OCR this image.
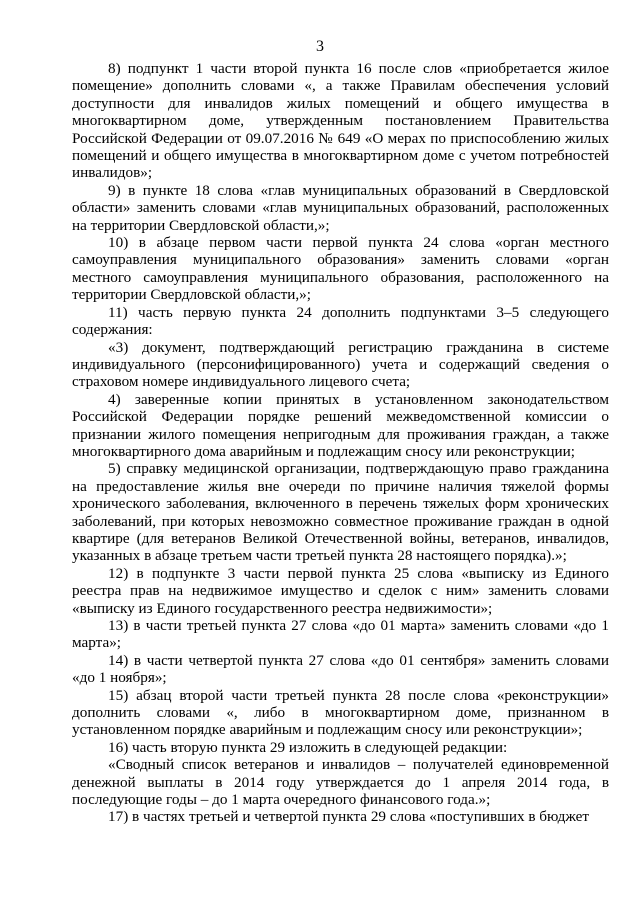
3

8) подпункт 1 части второй пункта 16 после слов «приобретается жилое помещение» дополнить словами «, а также Правилам обеспечения условий доступности для инвалидов жилых помещений и общего имущества в многоквартирном доме, утвержденным постановлением Правительства Российской Федерации от 09.07.2016 № 649 «О мерах по приспособлению жилых помещений и общего имущества в многоквартирном доме с учетом потребностей инвалидов»;

9) в пункте 18 слова «глав муниципальных образований в Свердловской области» заменить словами «глав муниципальных образований, расположенных на территории Свердловской области,»;

10) в абзаце первом части первой пункта 24 слова «орган местного самоуправления муниципального образования» заменить словами «орган местного самоуправления муниципального образования, расположенного на территории Свердловской области,»;

11) часть первую пункта 24 дополнить подпунктами 3–5 следующего содержания:

«3) документ, подтверждающий регистрацию гражданина в системе индивидуального (персонифицированного) учета и содержащий сведения о страховом номере индивидуального лицевого счета;

4) заверенные копии принятых в установленном законодательством Российской Федерации порядке решений межведомственной комиссии о признании жилого помещения непригодным для проживания граждан, а также многоквартирного дома аварийным и подлежащим сносу или реконструкции;

5) справку медицинской организации, подтверждающую право гражданина на предоставление жилья вне очереди по причине наличия тяжелой формы хронического заболевания, включенного в перечень тяжелых форм хронических заболеваний, при которых невозможно совместное проживание граждан в одной квартире (для ветеранов Великой Отечественной войны, ветеранов, инвалидов, указанных в абзаце третьем части третьей пункта 28 настоящего порядка).»;

12) в подпункте 3 части первой пункта 25 слова «выписку из Единого реестра прав на недвижимое имущество и сделок с ним» заменить словами «выписку из Единого государственного реестра недвижимости»;

13) в части третьей пункта 27 слова «до 01 марта» заменить словами «до 1 марта»;

14) в части четвертой пункта 27 слова «до 01 сентября» заменить словами «до 1 ноября»;

15) абзац второй части третьей пункта 28 после слова «реконструкции» дополнить словами «, либо в многоквартирном доме, признанном в установленном порядке аварийным и подлежащим сносу или реконструкции»;

16) часть вторую пункта 29 изложить в следующей редакции:

«Сводный список ветеранов и инвалидов – получателей единовременной денежной выплаты в 2014 году утверждается до 1 апреля 2014 года, в последующие годы – до 1 марта очередного финансового года.»;

17) в частях третьей и четвертой пункта 29 слова «поступивших в бюджет
